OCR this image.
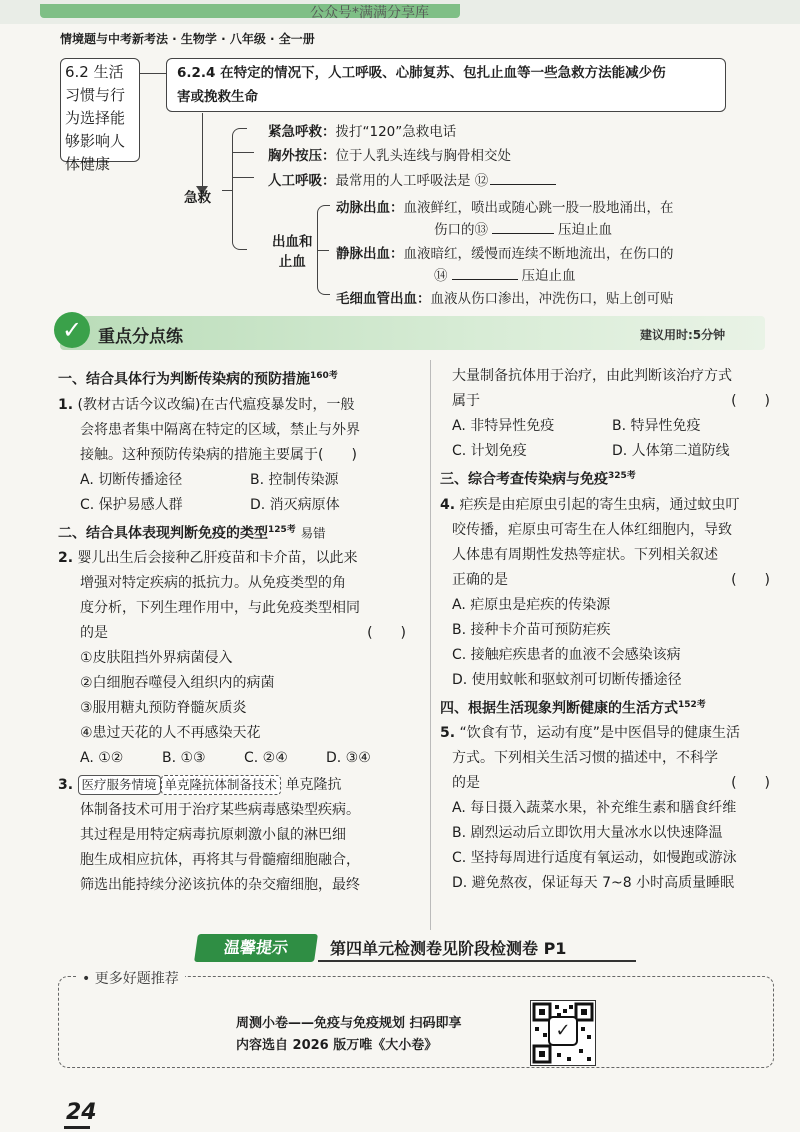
公众号*满满分享库
情境题与中考新考法 · 生物学 · 八年级 · 全一册
6.2 生活
习惯与行
为选择能
够影响人
体健康
6.2.4 在特定的情况下，人工呼吸、心肺复苏、包扎止血等一些急救方法能减少伤
害或挽救生命
急救
紧急呼救：拨打“120”急救电话
胸外按压：位于人乳头连线与胸骨相交处
人工呼吸：最常用的人工呼吸法是 ⑫
出血和
止血
动脉出血：血液鲜红，喷出或随心跳一股一股地涌出，在
伤口的⑬	压迫止血
静脉出血：血液暗红，缓慢而连续不断地流出，在伤口的
⑭	压迫止血
毛细血管出血：血液从伤口渗出，冲洗伤口，贴上创可贴
✓ 重点分点练	建议用时:5分钟
一、结合具体行为判断传染病的预防措施$^{160考}$
1. (教材古话今议改编)在古代瘟疫暴发时，一般
会将患者集中隔离在特定的区域，禁止与外界
接触。这种预防传染病的措施主要属于(　　)
A. 切断传播途径	B. 控制传染源
C. 保护易感人群	D. 消灭病原体
二、结合具体表现判断免疫的类型$^{125考}$ 易错
2. 婴儿出生后会接种乙肝疫苗和卡介苗，以此来
增强对特定疾病的抵抗力。从免疫类型的角
度分析，下列生理作用中，与此免疫类型相同
的是	(　　)
①皮肤阻挡外界病菌侵入
②白细胞吞噬侵入组织内的病菌
③服用糖丸预防脊髓灰质炎
④患过天花的人不再感染天花
A. ①②	B. ①③	C. ②④	D. ③④
3. 医疗服务情境 单克隆抗体制备技术 单克隆抗
体制备技术可用于治疗某些病毒感染型疾病。
其过程是用特定病毒抗原刺激小鼠的淋巴细
胞生成相应抗体，再将其与骨髓瘤细胞融合，
筛选出能持续分泌该抗体的杂交瘤细胞，最终
大量制备抗体用于治疗，由此判断该治疗方式
属于	(　　)
A. 非特异性免疫	B. 特异性免疫
C. 计划免疫	D. 人体第二道防线
三、综合考查传染病与免疫$^{325考}$
4. 疟疾是由疟原虫引起的寄生虫病，通过蚊虫叮
咬传播，疟原虫可寄生在人体红细胞内，导致
人体患有周期性发热等症状。下列相关叙述
正确的是	(　　)
A. 疟原虫是疟疾的传染源
B. 接种卡介苗可预防疟疾
C. 接触疟疾患者的血液不会感染该病
D. 使用蚊帐和驱蚊剂可切断传播途径
四、根据生活现象判断健康的生活方式$^{152考}$
5. “饮食有节，运动有度”是中医倡导的健康生活
方式。下列相关生活习惯的描述中，不科学
的是	(　　)
A. 每日摄入蔬菜水果，补充维生素和膳食纤维
B. 剧烈运动后立即饮用大量冰水以快速降温
C. 坚持每周进行适度有氧运动，如慢跑或游泳
D. 避免熬夜，保证每天 7~8 小时高质量睡眠
温馨提示	第四单元检测卷见阶段检测卷 P1
• 更多好题推荐
周测小卷——免疫与免疫规划 扫码即享
内容选自 2026 版万唯《大小卷》
✓
24
